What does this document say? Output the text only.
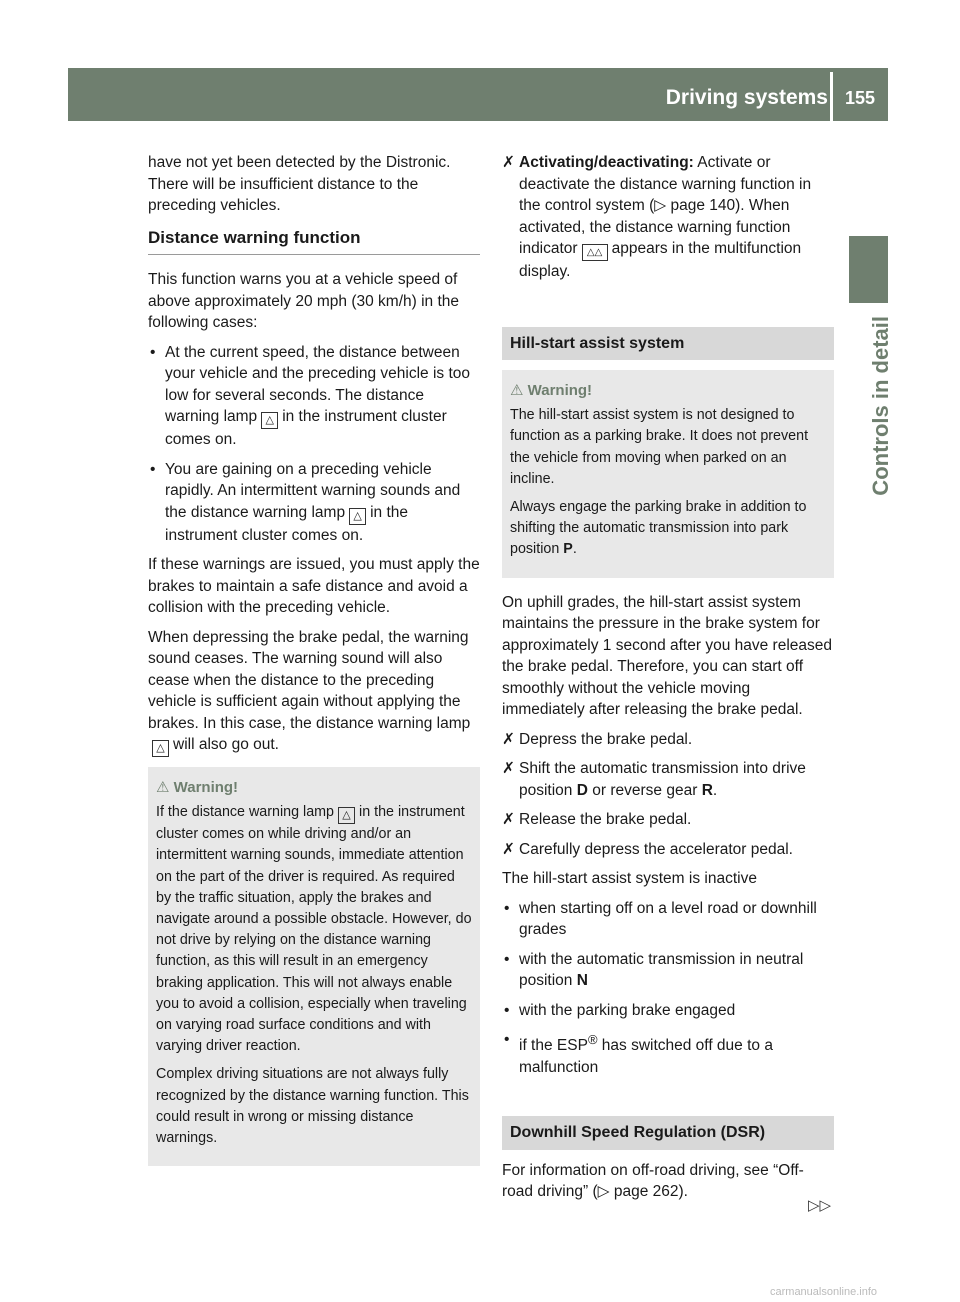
Driving systems 155
Controls in detail

have not yet been detected by the Distronic. There will be insufficient distance to the preceding vehicles.

Distance warning function

This function warns you at a vehicle speed of above approximately 20 mph (30 km/h) in the following cases:

• At the current speed, the distance between your vehicle and the preceding vehicle is too low for several seconds. The distance warning lamp △ in the instrument cluster comes on.
• You are gaining on a preceding vehicle rapidly. An intermittent warning sounds and the distance warning lamp △ in the instrument cluster comes on.

If these warnings are issued, you must apply the brakes to maintain a safe distance and avoid a collision with the preceding vehicle.

When depressing the brake pedal, the warning sound ceases. The warning sound will also cease when the distance to the preceding vehicle is sufficient again without applying the brakes. In this case, the distance warning lamp△ will also go out.

⚠ Warning!

If the distance warning lamp △ in the instrument cluster comes on while driving and/or an intermittent warning sounds, immediate attention on the part of the driver is required. As required by the traffic situation, apply the brakes and navigate around a possible obstacle. However, do not drive by relying on the distance warning function, as this will result in an emergency braking application. This will not always enable you to avoid a collision, especially when traveling on varying road surface conditions and with varying driver reaction.

Complex driving situations are not always fully recognized by the distance warning function. This could result in wrong or missing distance warnings.

✗ Activating/deactivating: Activate or deactivate the distance warning function in the control system (▷ page 140). When activated, the distance warning function indicator △△ appears in the multifunction display.
Hill-start assist system
⚠ Warning!

The hill-start assist system is not designed to function as a parking brake. It does not prevent the vehicle from moving when parked on an incline.

Always engage the parking brake in addition to shifting the automatic transmission into park position P.

On uphill grades, the hill-start assist system maintains the pressure in the brake system for approximately 1 second after you have released the brake pedal. Therefore, you can start off smoothly without the vehicle moving immediately after releasing the brake pedal.

✗ Depress the brake pedal.
✗ Shift the automatic transmission into drive position D or reverse gear R.
✗ Release the brake pedal.
✗ Carefully depress the accelerator pedal.

The hill-start assist system is inactive

• when starting off on a level road or downhill grades
• with the automatic transmission in neutral position N
• with the parking brake engaged
• if the ESP® has switched off due to a malfunction
Downhill Speed Regulation (DSR)

For information on off-road driving, see “Off-road driving” (▷ page 262).

▷▷
carmanualsonline.info
